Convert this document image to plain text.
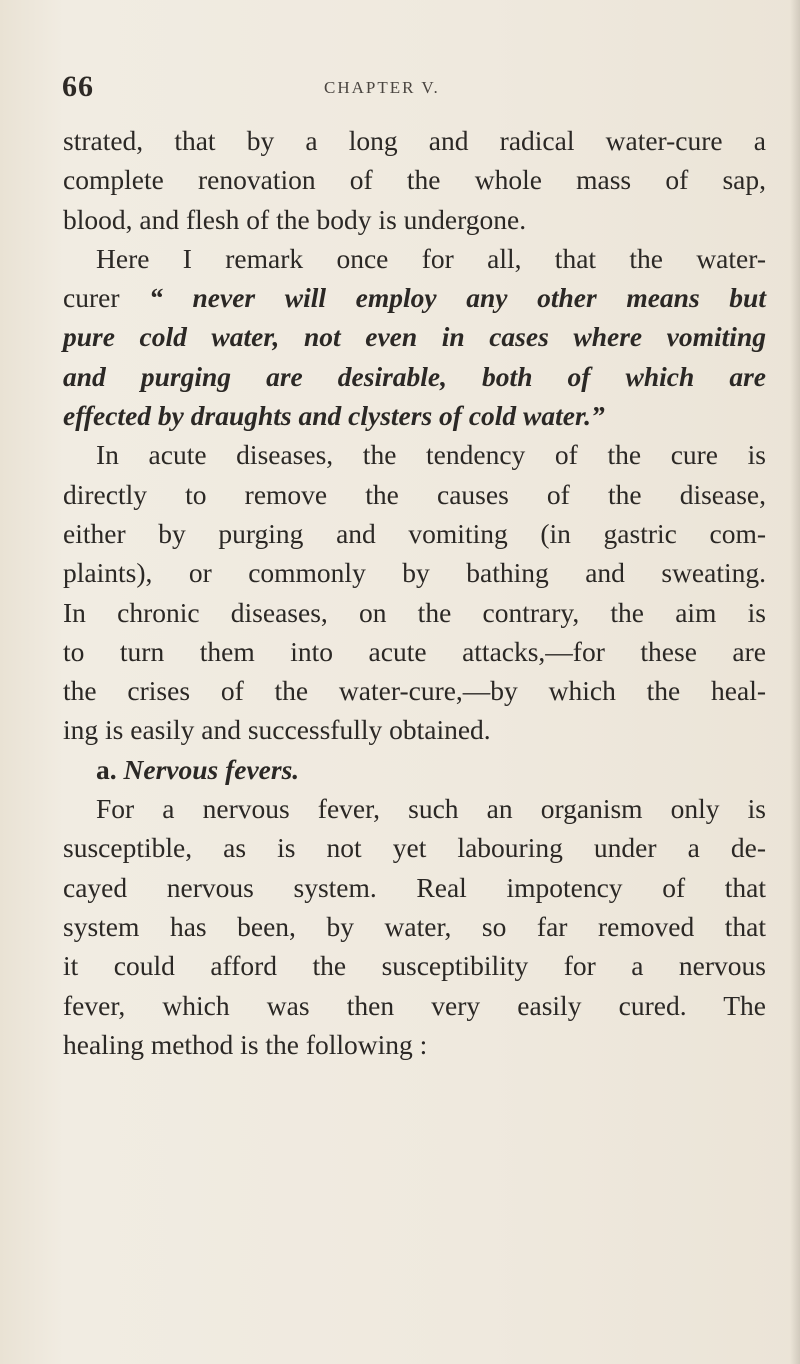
66	CHAPTER V.
strated, that by a long and radical water-cure a
complete renovation of the whole mass of sap,
blood, and flesh of the body is undergone.
Here I remark once for all, that the water-
curer “ never will employ any other means but
pure cold water, not even in cases where vomiting
and purging are desirable, both of which are
effected by draughts and clysters of cold water.”
In acute diseases, the tendency of the cure is
directly to remove the causes of the disease,
either by purging and vomiting (in gastric com-
plaints), or commonly by bathing and sweating.
In chronic diseases, on the contrary, the aim is
to turn them into acute attacks,—for these are
the crises of the water-cure,—by which the heal-
ing is easily and successfully obtained.
a. Nervous fevers.
For a nervous fever, such an organism only is
susceptible, as is not yet labouring under a de-
cayed nervous system. Real impotency of that
system has been, by water, so far removed that
it could afford the susceptibility for a nervous
fever, which was then very easily cured. The
healing method is the following :
